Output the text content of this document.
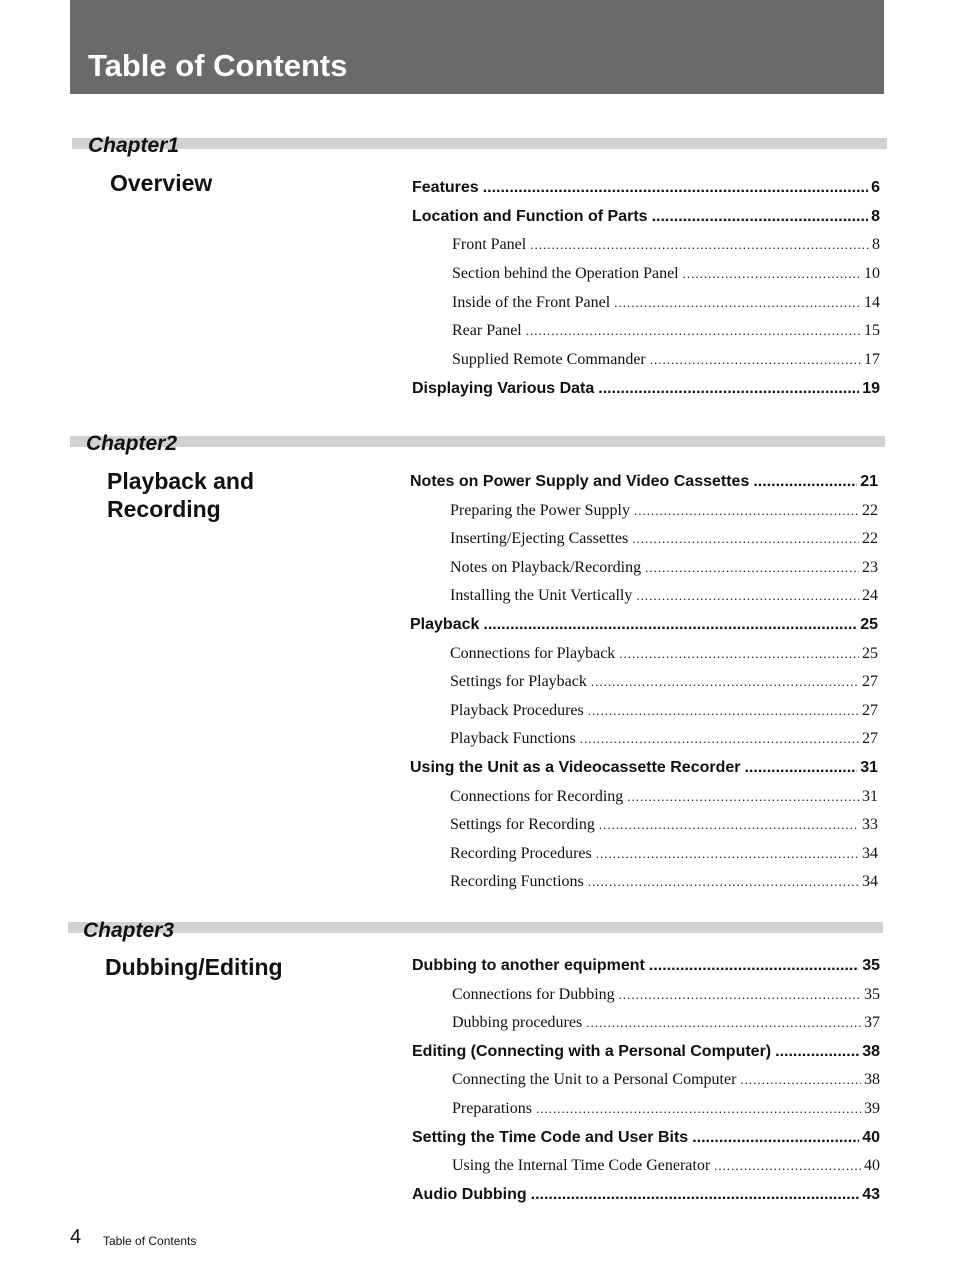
Table of Contents
Chapter1
Overview	Features .....	6
Location and Function of Parts .....	8
Front Panel .....	8
Section behind the Operation Panel .....	10
Inside of the Front Panel .....	14
Rear Panel .....	15
Supplied Remote Commander .....	17
Displaying Various Data .....	19
Chapter2
Playback and
Recording
Notes on Power Supply and Video Cassettes .....	21
Preparing the Power Supply .....	22
Inserting/Ejecting Cassettes .....	22
Notes on Playback/Recording .....	23
Installing the Unit Vertically .....	24
Playback .....	25
Connections for Playback .....	25
Settings for Playback .....	27
Playback Procedures .....	27
Playback Functions .....	27
Using the Unit as a Videocassette Recorder .....	31
Connections for Recording .....	31
Settings for Recording .....	33
Recording Procedures .....	34
Recording Functions .....	34
Chapter3
Dubbing/Editing	Dubbing to another equipment .....	35
Connections for Dubbing .....	35
Dubbing procedures .....	37
Editing (Connecting with a Personal Computer) .....	38
Connecting the Unit to a Personal Computer .....	38
Preparations .....	39
Setting the Time Code and User Bits .....	40
Using the Internal Time Code Generator .....	40
Audio Dubbing .....	43
4 Table of Contents
